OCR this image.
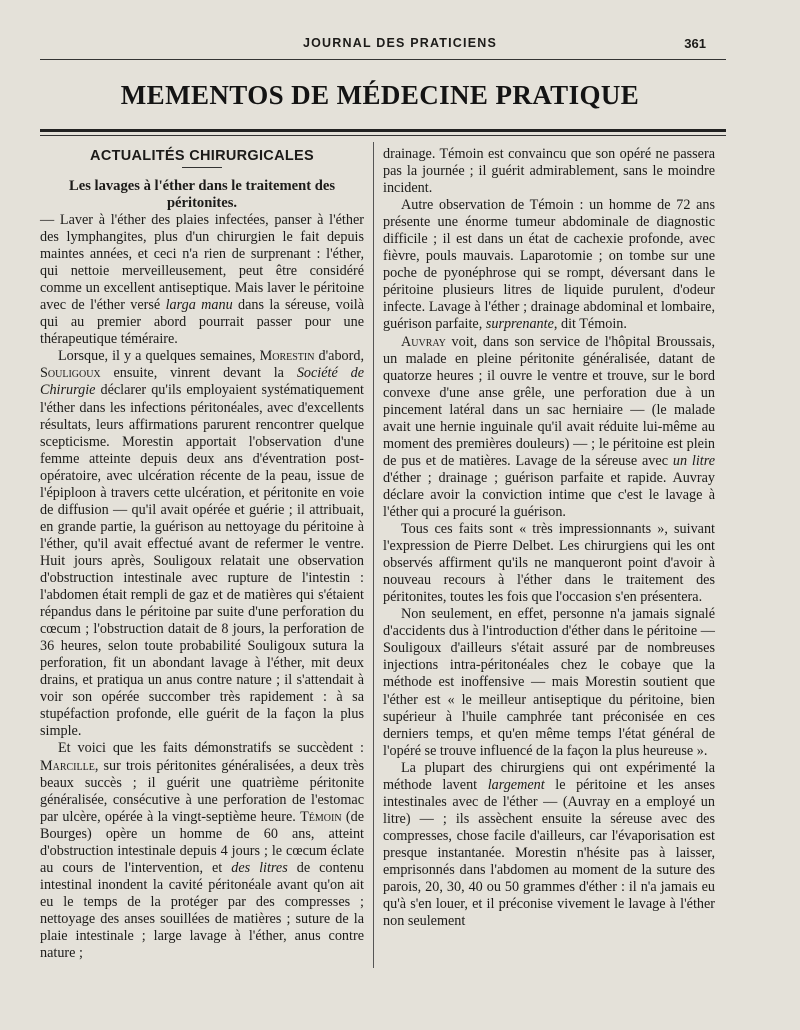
JOURNAL DES PRATICIENS	361
MEMENTOS DE MÉDECINE PRATIQUE
ACTUALITÉS CHIRURGICALES

Les lavages à l'éther dans le traitement des péritonites.
— Laver à l'éther des plaies infectées, panser à l'éther des lymphangites, plus d'un chirurgien le fait depuis maintes années, et ceci n'a rien de surprenant : l'éther, qui nettoie merveilleusement, peut être considéré comme un excellent antiseptique. Mais laver le péritoine avec de l'éther versé larga manu dans la séreuse, voilà qui au premier abord pourrait passer pour une thérapeutique téméraire.

Lorsque, il y a quelques semaines, Morestin d'abord, Souligoux ensuite, vinrent devant la Société de Chirurgie déclarer qu'ils employaient systématiquement l'éther dans les infections péritonéales, avec d'excellents résultats, leurs affirmations parurent rencontrer quelque scepticisme. Morestin apportait l'observation d'une femme atteinte depuis deux ans d'éventration post-opératoire, avec ulcération récente de la peau, issue de l'épiploon à travers cette ulcération, et péritonite en voie de diffusion — qu'il avait opérée et guérie ; il attribuait, en grande partie, la guérison au nettoyage du péritoine à l'éther, qu'il avait effectué avant de refermer le ventre. Huit jours après, Souligoux relatait une observation d'obstruction intestinale avec rupture de l'intestin : l'abdomen était rempli de gaz et de matières qui s'étaient répandus dans le péritoine par suite d'une perforation du cœcum ; l'obstruction datait de 8 jours, la perforation de 36 heures, selon toute probabilité Souligoux sutura la perforation, fit un abondant lavage à l'éther, mit deux drains, et pratiqua un anus contre nature ; il s'attendait à voir son opérée succomber très rapidement : à sa stupéfaction profonde, elle guérit de la façon la plus simple.

Et voici que les faits démonstratifs se succèdent : Marcille, sur trois péritonites généralisées, a deux très beaux succès ; il guérit une quatrième péritonite généralisée, consécutive à une perforation de l'estomac par ulcère, opérée à la vingt-septième heure. Témoin (de Bourges) opère un homme de 60 ans, atteint d'obstruction intestinale depuis 4 jours ; le cœcum éclate au cours de l'intervention, et des litres de contenu intestinal inondent la cavité péritonéale avant qu'on ait eu le temps de la protéger par des compresses ; nettoyage des anses souillées de matières ; suture de la plaie intestinale ; large lavage à l'éther, anus contre nature ;

drainage. Témoin est convaincu que son opéré ne passera pas la journée ; il guérit admirablement, sans le moindre incident.

Autre observation de Témoin : un homme de 72 ans présente une énorme tumeur abdominale de diagnostic difficile ; il est dans un état de cachexie profonde, avec fièvre, pouls mauvais. Laparotomie ; on tombe sur une poche de pyonéphrose qui se rompt, déversant dans le péritoine plusieurs litres de liquide purulent, d'odeur infecte. Lavage à l'éther ; drainage abdominal et lombaire, guérison parfaite, surprenante, dit Témoin.

Auvray voit, dans son service de l'hôpital Broussais, un malade en pleine péritonite généralisée, datant de quatorze heures ; il ouvre le ventre et trouve, sur le bord convexe d'une anse grêle, une perforation due à un pincement latéral dans un sac herniaire — (le malade avait une hernie inguinale qu'il avait réduite lui-même au moment des premières douleurs) — ; le péritoine est plein de pus et de matières. Lavage de la séreuse avec un litre d'éther ; drainage ; guérison parfaite et rapide. Auvray déclare avoir la conviction intime que c'est le lavage à l'éther qui a procuré la guérison.

Tous ces faits sont « très impressionnants », suivant l'expression de Pierre Delbet. Les chirurgiens qui les ont observés affirment qu'ils ne manqueront point d'avoir à nouveau recours à l'éther dans le traitement des péritonites, toutes les fois que l'occasion s'en présentera.

Non seulement, en effet, personne n'a jamais signalé d'accidents dus à l'introduction d'éther dans le péritoine — Souligoux d'ailleurs s'était assuré par de nombreuses injections intra-péritonéales chez le cobaye que la méthode est inoffensive — mais Morestin soutient que l'éther est « le meilleur antiseptique du péritoine, bien supérieur à l'huile camphrée tant préconisée en ces derniers temps, et qu'en même temps l'état général de l'opéré se trouve influencé de la façon la plus heureuse ».

La plupart des chirurgiens qui ont expérimenté la méthode lavent largement le péritoine et les anses intestinales avec de l'éther — (Auvray en a employé un litre) — ; ils assèchent ensuite la séreuse avec des compresses, chose facile d'ailleurs, car l'évaporisation est presque instantanée. Morestin n'hésite pas à laisser, emprisonnés dans l'abdomen au moment de la suture des parois, 20, 30, 40 ou 50 grammes d'éther : il n'a jamais eu qu'à s'en louer, et il préconise vivement le lavage à l'éther non seulement
